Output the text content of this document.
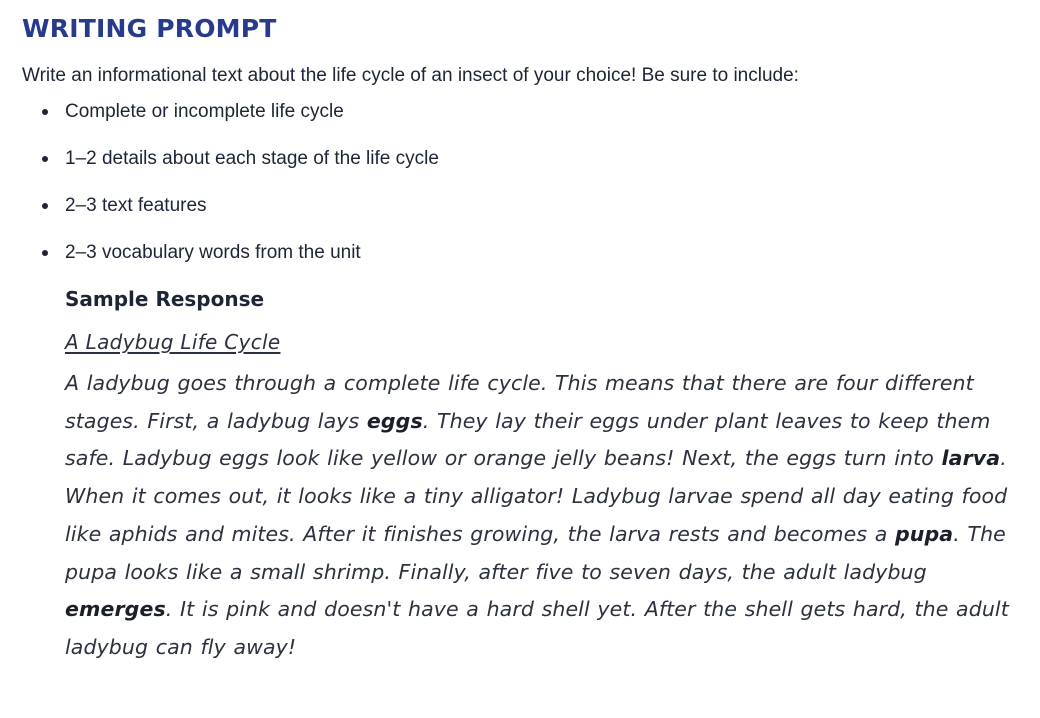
WRITING PROMPT

Write an informational text about the life cycle of an insect of your choice! Be sure to include:

Complete or incomplete life cycle
1–2 details about each stage of the life cycle
2–3 text features
2–3 vocabulary words from the unit
Sample Response
A Ladybug Life Cycle

A ladybug goes through a complete life cycle. This means that there are four different stages. First, a ladybug lays eggs. They lay their eggs under plant leaves to keep them safe. Ladybug eggs look like yellow or orange jelly beans! Next, the eggs turn into larva. When it comes out, it looks like a tiny alligator! Ladybug larvae spend all day eating food like aphids and mites. After it finishes growing, the larva rests and becomes a pupa. The pupa looks like a small shrimp. Finally, after five to seven days, the adult ladybug emerges. It is pink and doesn't have a hard shell yet. After the shell gets hard, the adult ladybug can fly away!
